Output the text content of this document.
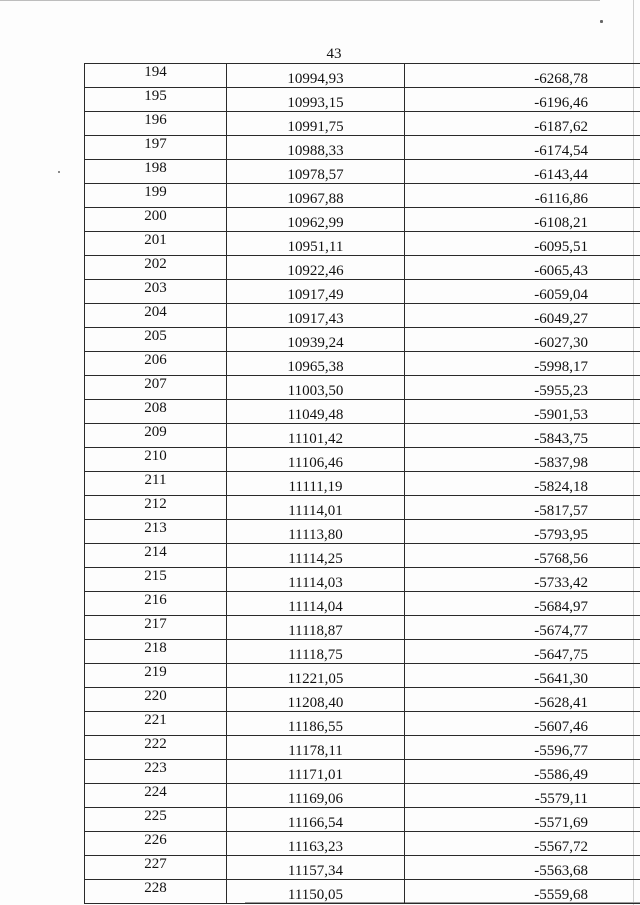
43
194	10994,93	-6268,78
195	10993,15	-6196,46
196	10991,75	-6187,62
197	10988,33	-6174,54
198	10978,57	-6143,44
199	10967,88	-6116,86
200	10962,99	-6108,21
201	10951,11	-6095,51
202	10922,46	-6065,43
203	10917,49	-6059,04
204	10917,43	-6049,27
205	10939,24	-6027,30
206	10965,38	-5998,17
207	11003,50	-5955,23
208	11049,48	-5901,53
209	11101,42	-5843,75
210	11106,46	-5837,98
211	11111,19	-5824,18
212	11114,01	-5817,57
213	11113,80	-5793,95
214	11114,25	-5768,56
215	11114,03	-5733,42
216	11114,04	-5684,97
217	11118,87	-5674,77
218	11118,75	-5647,75
219	11221,05	-5641,30
220	11208,40	-5628,41
221	11186,55	-5607,46
222	11178,11	-5596,77
223	11171,01	-5586,49
224	11169,06	-5579,11
225	11166,54	-5571,69
226	11163,23	-5567,72
227	11157,34	-5563,68
228	11150,05	-5559,68
